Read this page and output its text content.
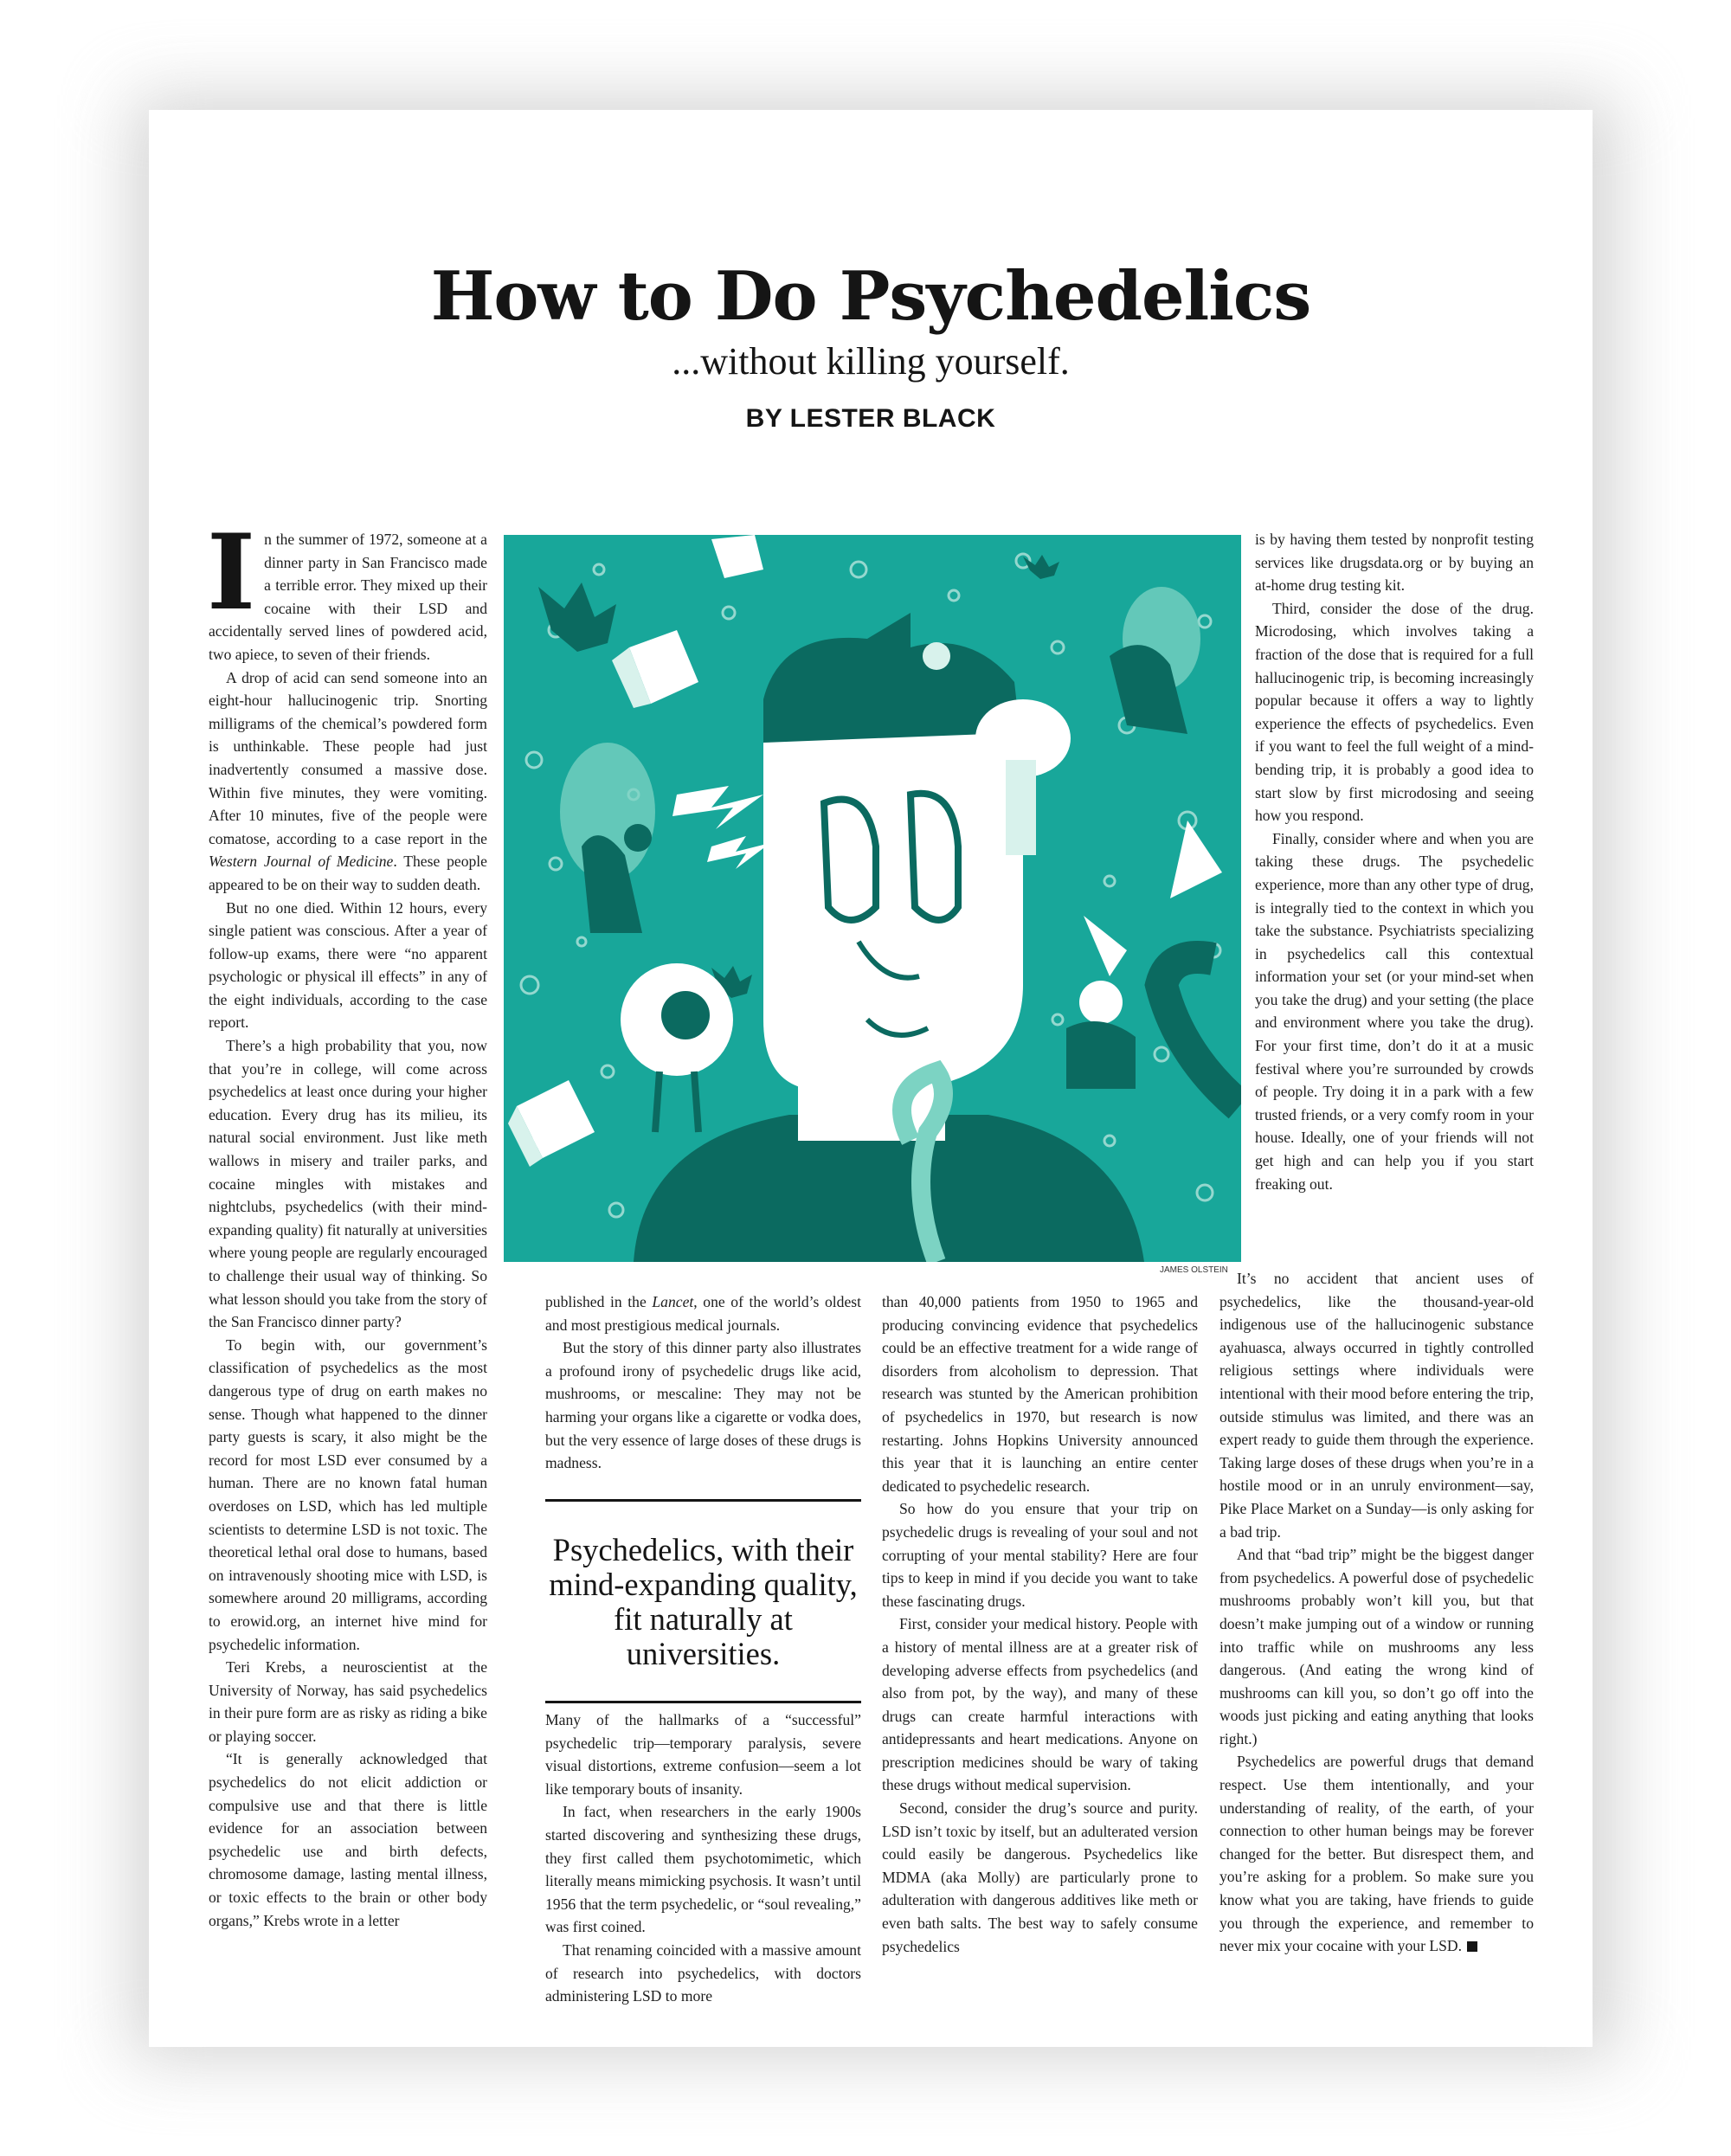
How to Do Psychedelics
...without killing yourself.
BY LESTER BLACK
JAMES OLSTEIN

In the summer of 1972, someone at a dinner party in San Francisco made a terrible error. They mixed up their cocaine with their LSD and accidentally served lines of powdered acid, two apiece, to seven of their friends.

A drop of acid can send someone into an eight-hour hallucinogenic trip. Snorting milligrams of the chemical’s powdered form is unthinkable. These people had just inadvertently consumed a massive dose. Within five minutes, they were vomiting. After 10 minutes, five of the people were comatose, according to a case report in the Western Journal of Medicine. These people appeared to be on their way to sudden death.

But no one died. Within 12 hours, every single patient was conscious. After a year of follow-up exams, there were “no apparent psychologic or physical ill effects” in any of the eight individuals, according to the case report.

There’s a high probability that you, now that you’re in college, will come across psychedelics at least once during your higher education. Every drug has its milieu, its natural social environment. Just like meth wallows in misery and trailer parks, and cocaine mingles with mistakes and nightclubs, psychedelics (with their mind-expanding quality) fit naturally at universities where young people are regularly encouraged to challenge their usual way of thinking. So what lesson should you take from the story of the San Francisco dinner party?

To begin with, our government’s classification of psychedelics as the most dangerous type of drug on earth makes no sense. Though what happened to the dinner party guests is scary, it also might be the record for most LSD ever consumed by a human. There are no known fatal human overdoses on LSD, which has led multiple scientists to determine LSD is not toxic. The theoretical lethal oral dose to humans, based on intravenously shooting mice with LSD, is somewhere around 20 milligrams, according to erowid.org, an internet hive mind for psychedelic information.

Teri Krebs, a neuroscientist at the University of Norway, has said psychedelics in their pure form are as risky as riding a bike or playing soccer.

“It is generally acknowledged that psychedelics do not elicit addiction or compulsive use and that there is little evidence for an association between psychedelic use and birth defects, chromosome damage, lasting mental illness, or toxic effects to the brain or other body organs,” Krebs wrote in a letter

published in the Lancet, one of the world’s oldest and most prestigious medical journals.

But the story of this dinner party also illustrates a profound irony of psychedelic drugs like acid, mushrooms, or mescaline: They may not be harming your organs like a cigarette or vodka does, but the very essence of large doses of these drugs is madness.

Psychedelics, with their mind-expanding quality, fit naturally at universities.

Many of the hallmarks of a “successful” psychedelic trip—temporary paralysis, severe visual distortions, extreme confusion—seem a lot like temporary bouts of insanity.

In fact, when researchers in the early 1900s started discovering and synthesizing these drugs, they first called them psychotomimetic, which literally means mimicking psychosis. It wasn’t until 1956 that the term psychedelic, or “soul revealing,” was first coined.

That renaming coincided with a massive amount of research into psychedelics, with doctors administering LSD to more

than 40,000 patients from 1950 to 1965 and producing convincing evidence that psychedelics could be an effective treatment for a wide range of disorders from alcoholism to depression. That research was stunted by the American prohibition of psychedelics in 1970, but research is now restarting. Johns Hopkins University announced this year that it is launching an entire center dedicated to psychedelic research.

So how do you ensure that your trip on psychedelic drugs is revealing of your soul and not corrupting of your mental stability? Here are four tips to keep in mind if you decide you want to take these fascinating drugs.

First, consider your medical history. People with a history of mental illness are at a greater risk of developing adverse effects from psychedelics (and also from pot, by the way), and many of these drugs can create harmful interactions with antidepressants and heart medications. Anyone on prescription medicines should be wary of taking these drugs without medical supervision.

Second, consider the drug’s source and purity. LSD isn’t toxic by itself, but an adulterated version could easily be dangerous. Psychedelics like MDMA (aka Molly) are particularly prone to adulteration with dangerous additives like meth or even bath salts. The best way to safely consume psychedelics

is by having them tested by nonprofit testing services like drugsdata.org or by buying an at-home drug testing kit.

Third, consider the dose of the drug. Microdosing, which involves taking a fraction of the dose that is required for a full hallucinogenic trip, is becoming increasingly popular because it offers a way to lightly experience the effects of psychedelics. Even if you want to feel the full weight of a mind-bending trip, it is probably a good idea to start slow by first microdosing and seeing how you respond.

Finally, consider where and when you are taking these drugs. The psychedelic experience, more than any other type of drug, is integrally tied to the context in which you take the substance. Psychiatrists specializing in psychedelics call this contextual information your set (or your mind-set when you take the drug) and your setting (the place and environment where you take the drug). For your first time, don’t do it at a music festival where you’re surrounded by crowds of people. Try doing it in a park with a few trusted friends, or a very comfy room in your house. Ideally, one of your friends will not get high and can help you if you start freaking out.

It’s no accident that ancient uses of psychedelics, like the thousand-year-old indigenous use of the hallucinogenic substance ayahuasca, always occurred in tightly controlled religious settings where individuals were intentional with their mood before entering the trip, outside stimulus was limited, and there was an expert ready to guide them through the experience. Taking large doses of these drugs when you’re in a hostile mood or in an unruly environment—say, Pike Place Market on a Sunday—is only asking for a bad trip.

And that “bad trip” might be the biggest danger from psychedelics. A powerful dose of psychedelic mushrooms probably won’t kill you, but that doesn’t make jumping out of a window or running into traffic while on mushrooms any less dangerous. (And eating the wrong kind of mushrooms can kill you, so don’t go off into the woods just picking and eating anything that looks right.)

Psychedelics are powerful drugs that demand respect. Use them intentionally, and your understanding of reality, of the earth, of your connection to other human beings may be forever changed for the better. But disrespect them, and you’re asking for a problem. So make sure you know what you are taking, have friends to guide you through the experience, and remember to never mix your cocaine with your LSD.
